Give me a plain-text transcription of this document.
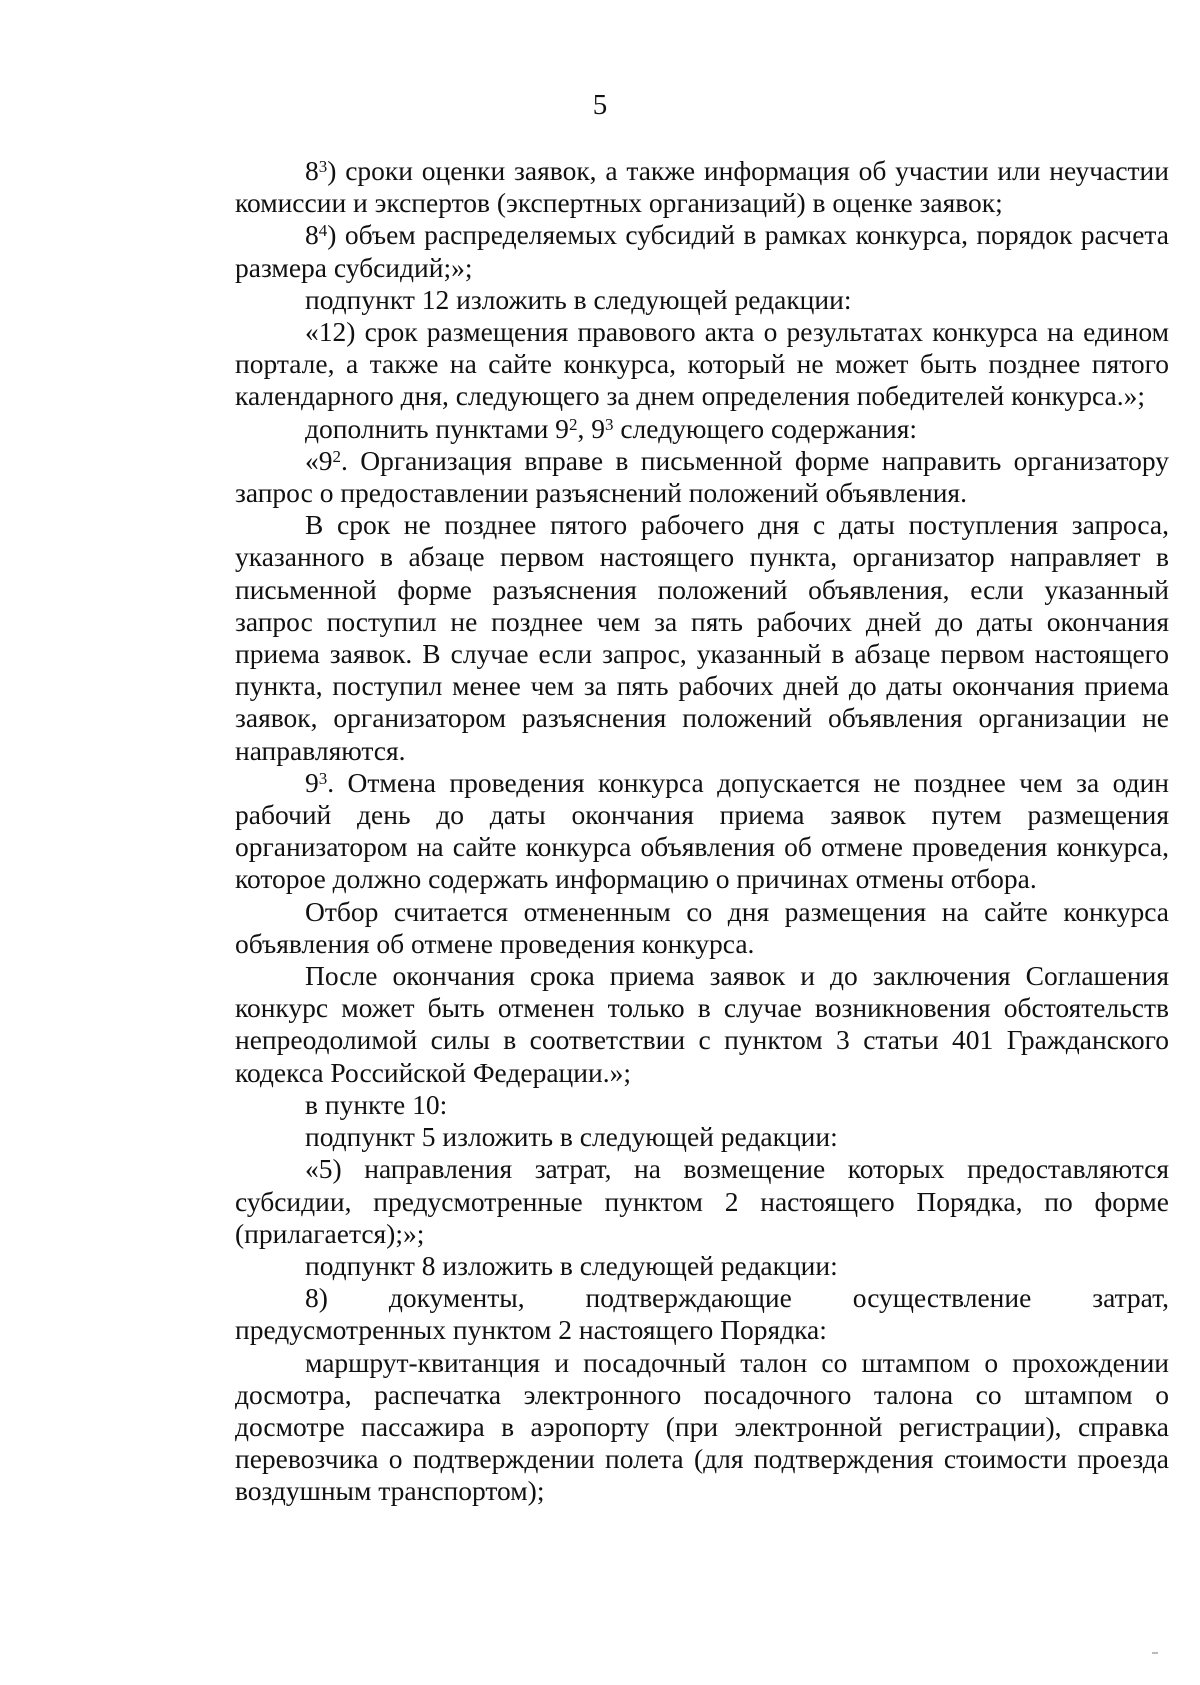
5

$8^3$) сроки оценки заявок, а также информация об участии или неучастии комиссии и экспертов (экспертных организаций) в оценке заявок;

$8^4$) объем распределяемых субсидий в рамках конкурса, порядок расчета размера субсидий;»;

подпункт 12 изложить в следующей редакции:

«12) срок размещения правового акта о результатах конкурса на едином портале, а также на сайте конкурса, который не может быть позднее пятого календарного дня, следующего за днем определения победителей конкурса.»;

дополнить пунктами $9^2$, $9^3$ следующего содержания:

«$9^2$. Организация вправе в письменной форме направить организатору запрос о предоставлении разъяснений положений объявления.

В срок не позднее пятого рабочего дня с даты поступления запроса, указанного в абзаце первом настоящего пункта, организатор направляет в письменной форме разъяснения положений объявления, если указанный запрос поступил не позднее чем за пять рабочих дней до даты окончания приема заявок. В случае если запрос, указанный в абзаце первом настоящего пункта, поступил менее чем за пять рабочих дней до даты окончания приема заявок, организатором разъяснения положений объявления организации не направляются.

$9^3$. Отмена проведения конкурса допускается не позднее чем за один рабочий день до даты окончания приема заявок путем размещения организатором на сайте конкурса объявления об отмене проведения конкурса, которое должно содержать информацию о причинах отмены отбора.

Отбор считается отмененным со дня размещения на сайте конкурса объявления об отмене проведения конкурса.

После окончания срока приема заявок и до заключения Соглашения конкурс может быть отменен только в случае возникновения обстоятельств непреодолимой силы в соответствии с пунктом 3 статьи 401 Гражданского кодекса Российской Федерации.»;

в пункте 10:

подпункт 5 изложить в следующей редакции:

«5) направления затрат, на возмещение которых предоставляются субсидии, предусмотренные пунктом 2 настоящего Порядка, по форме (прилагается);»;

подпункт 8 изложить в следующей редакции:

8) документы, подтверждающие осуществление затрат, предусмотренных пунктом 2 настоящего Порядка:

маршрут-квитанция и посадочный талон со штампом о прохождении досмотра, распечатка электронного посадочного талона со штампом о досмотре пассажира в аэропорту (при электронной регистрации), справка перевозчика о подтверждении полета (для подтверждения стоимости проезда воздушным транспортом);
